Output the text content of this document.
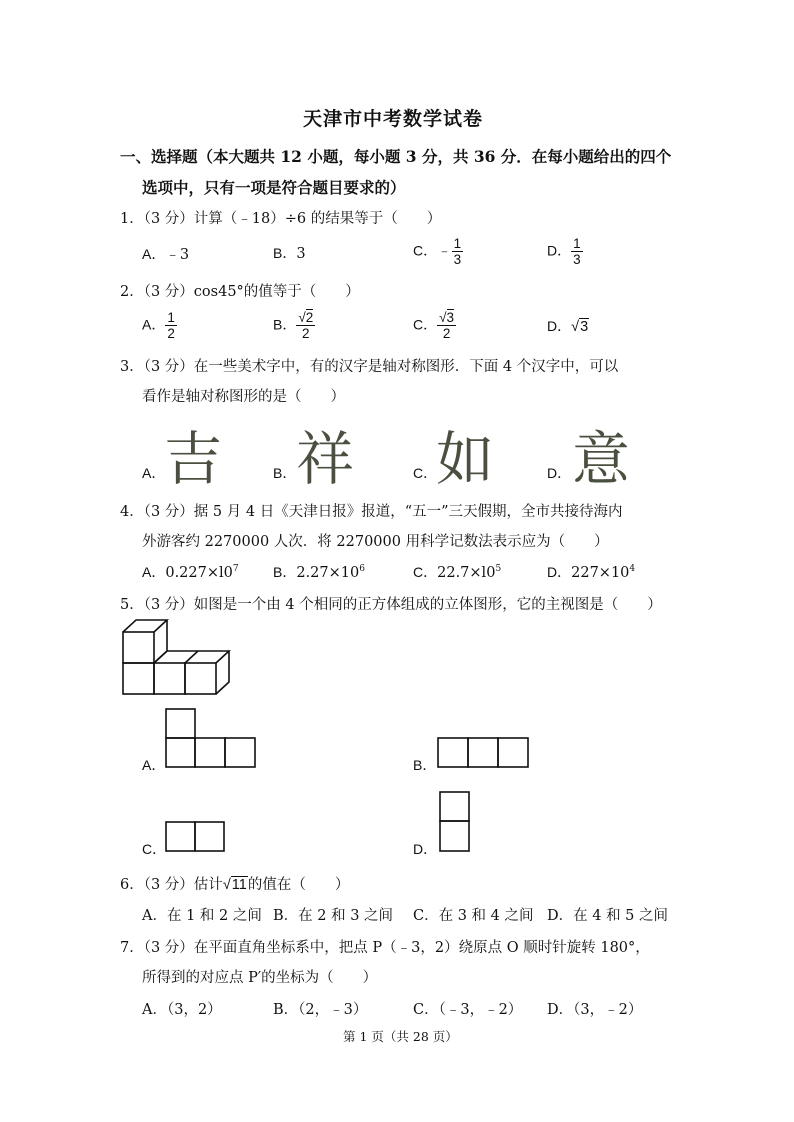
天津市中考数学试卷
一、选择题（本大题共 12 小题，每小题 3 分，共 36 分．在每小题给出的四个
选项中，只有一项是符合题目要求的）
1．（3 分）计算（﹣18）÷6 的结果等于（　　）
A．﹣3	B．3	C．﹣ $\frac{1}{3}$	D． $\frac{1}{3}$
2．（3 分）cos45°的值等于（　　）
A． $\frac{1}{2}$	B． $\frac{√2}{2}$	C． $\frac{√3}{2}$	D．√3
3．（3 分）在一些美术字中，有的汉字是轴对称图形．下面 4 个汉字中，可以
看作是轴对称图形的是（　　）
A．
吉	B． 祥	C．
如	D． 意
4．（3 分）据 5 月 4 日《天津日报》报道，“五一”三天假期，全市共接待海内
外游客约 2270000 人次．将 2270000 用科学记数法表示应为（　　）
A．$0.227\times l0^7$ B．$2.27\times 10^6$	C．$22.7\times l0^5$	D．$227\times 10^4$
5．（3 分）如图是一个由 4 个相同的正方体组成的立体图形，它的主视图是（　　）
A．	B．
C．	D．
6．（3 分）估计√11的值在（　　）
A．在 1 和 2 之间 B．在 2 和 3 之间 C．在 3 和 4 之间 D．在 4 和 5 之间
7．（3 分）在平面直角坐标系中，把点 P（﹣3，2）绕原点 O 顺时针旋转 180°，
所得到的对应点 P′的坐标为（　　）
A．（3，2）	B．（2，﹣3）	C．（﹣3，﹣2） D．（3，﹣2）
第 1 页（共 28 页）
